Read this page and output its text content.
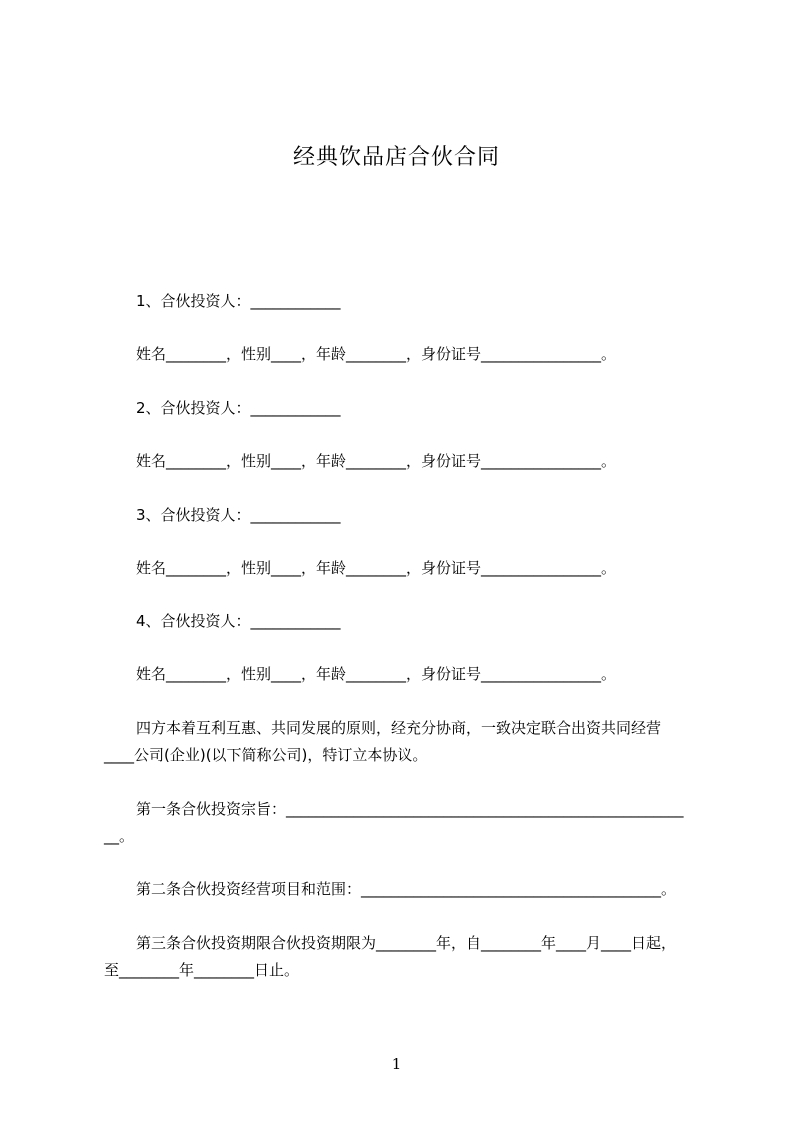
经典饮品店合伙合同
1、合伙投资人：____________
姓名________，性别____，年龄________，身份证号________________。
2、合伙投资人：____________
姓名________，性别____，年龄________，身份证号________________。
3、合伙投资人：____________
姓名________，性别____，年龄________，身份证号________________。
4、合伙投资人：____________
姓名________，性别____，年龄________，身份证号________________。
四方本着互利互惠、共同发展的原则，经充分协商，一致决定联合出资共同经营
____公司(企业)(以下简称公司)，特订立本协议。
第一条合伙投资宗旨：_____________________________________________________
__。
第二条合伙投资经营项目和范围：________________________________________。
第三条合伙投资期限合伙投资期限为________年，自________年____月____日起，
至________年________日止。
1
